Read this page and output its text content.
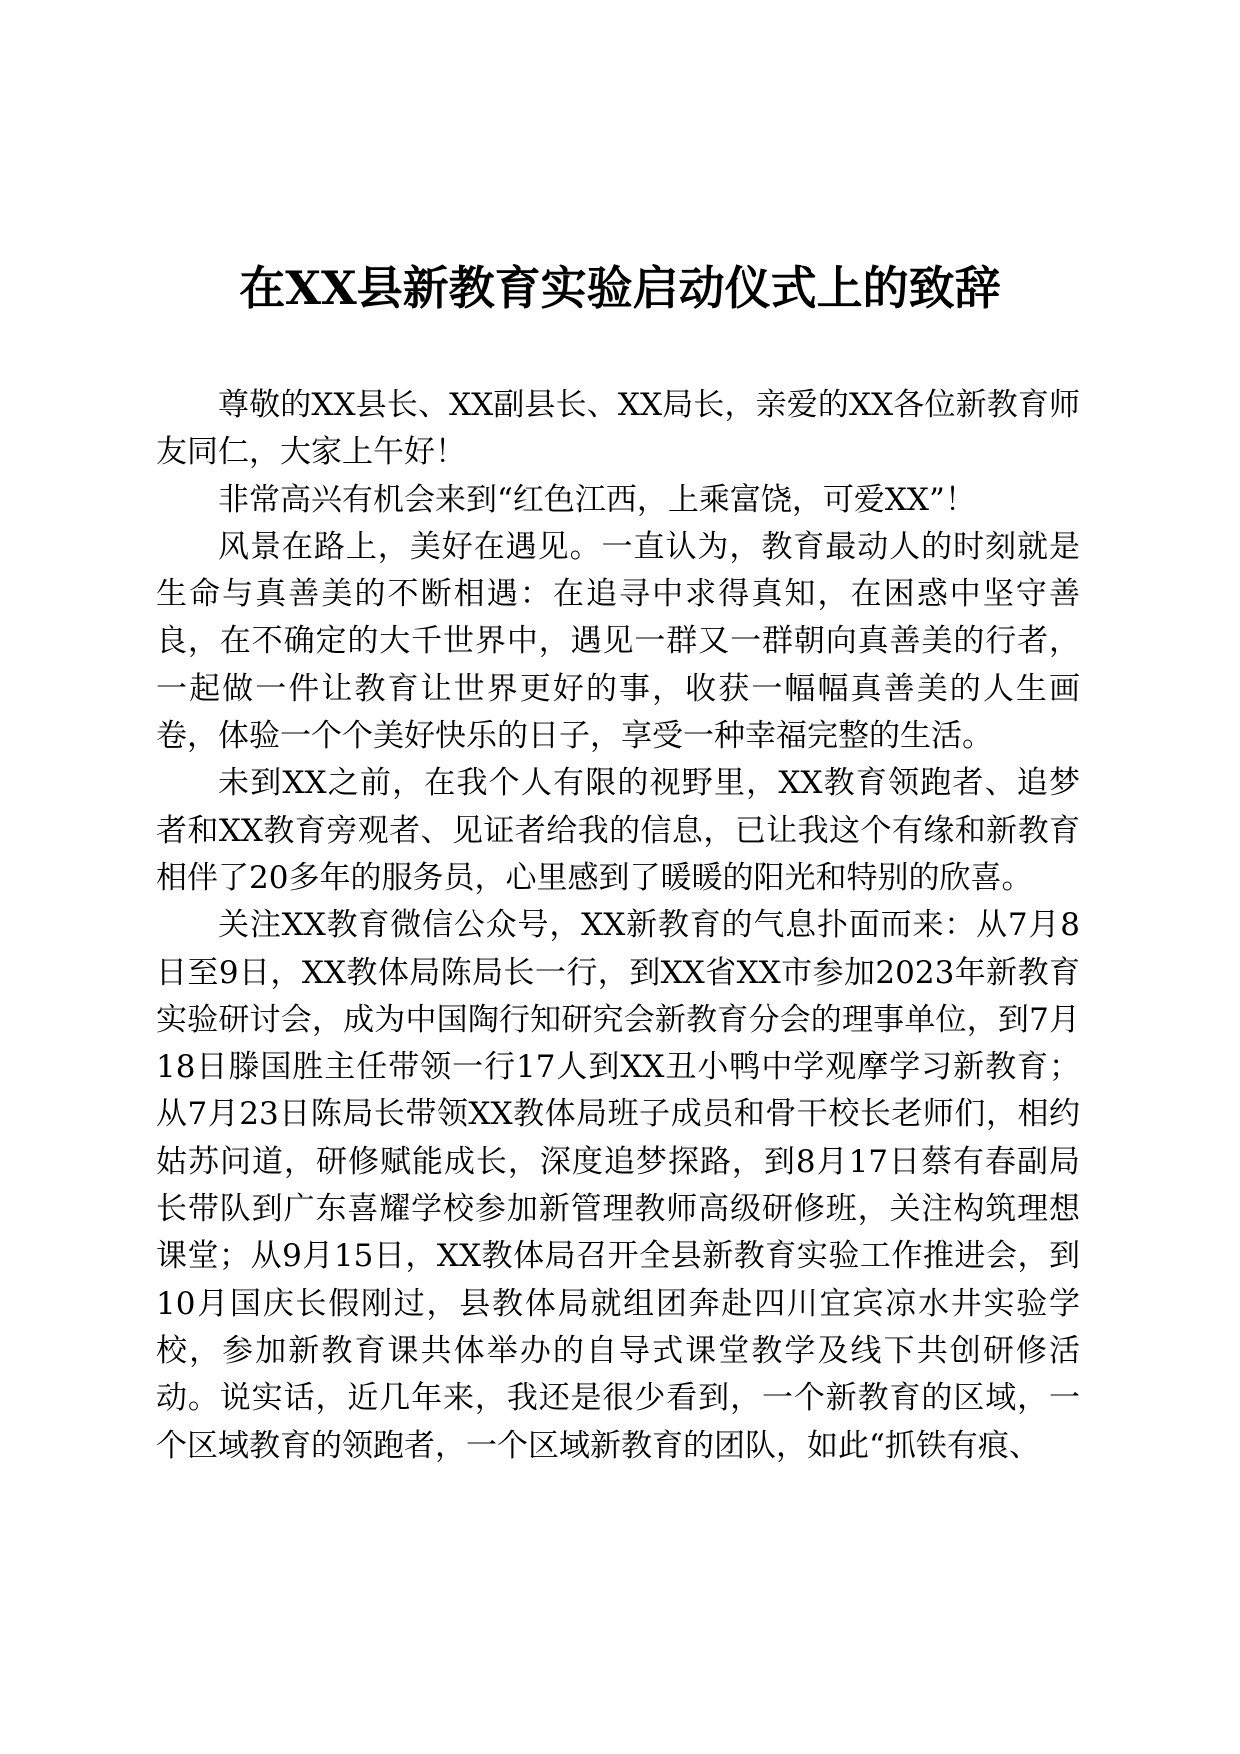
在XX县新教育实验启动仪式上的致辞

尊敬的XX县长、XX副县长、XX局长，亲爱的XX各位新教育师友同仁，大家上午好！

非常高兴有机会来到“红色江西，上乘富饶，可爱XX”！

风景在路上，美好在遇见。一直认为，教育最动人的时刻就是生命与真善美的不断相遇：在追寻中求得真知，在困惑中坚守善良，在不确定的大千世界中，遇见一群又一群朝向真善美的行者，一起做一件让教育让世界更好的事，收获一幅幅真善美的人生画卷，体验一个个美好快乐的日子，享受一种幸福完整的生活。

未到XX之前，在我个人有限的视野里，XX教育领跑者、追梦者和XX教育旁观者、见证者给我的信息，已让我这个有缘和新教育相伴了20多年的服务员，心里感到了暖暖的阳光和特别的欣喜。

关注XX教育微信公众号，XX新教育的气息扑面而来：从7月8日至9日，XX教体局陈局长一行，到XX省XX市参加2023年新教育实验研讨会，成为中国陶行知研究会新教育分会的理事单位，到7月18日滕国胜主任带领一行17人到XX丑小鸭中学观摩学习新教育；从7月23日陈局长带领XX教体局班子成员和骨干校长老师们，相约姑苏问道，研修赋能成长，深度追梦探路，到8月17日蔡有春副局长带队到广东喜耀学校参加新管理教师高级研修班，关注构筑理想课堂；从9月15日，XX教体局召开全县新教育实验工作推进会，到10月国庆长假刚过，县教体局就组团奔赴四川宜宾凉水井实验学校，参加新教育课共体举办的自导式课堂教学及线下共创研修活动。说实话，近几年来，我还是很少看到，一个新教育的区域，一个区域教育的领跑者，一个区域新教育的团队，如此“抓铁有痕、
